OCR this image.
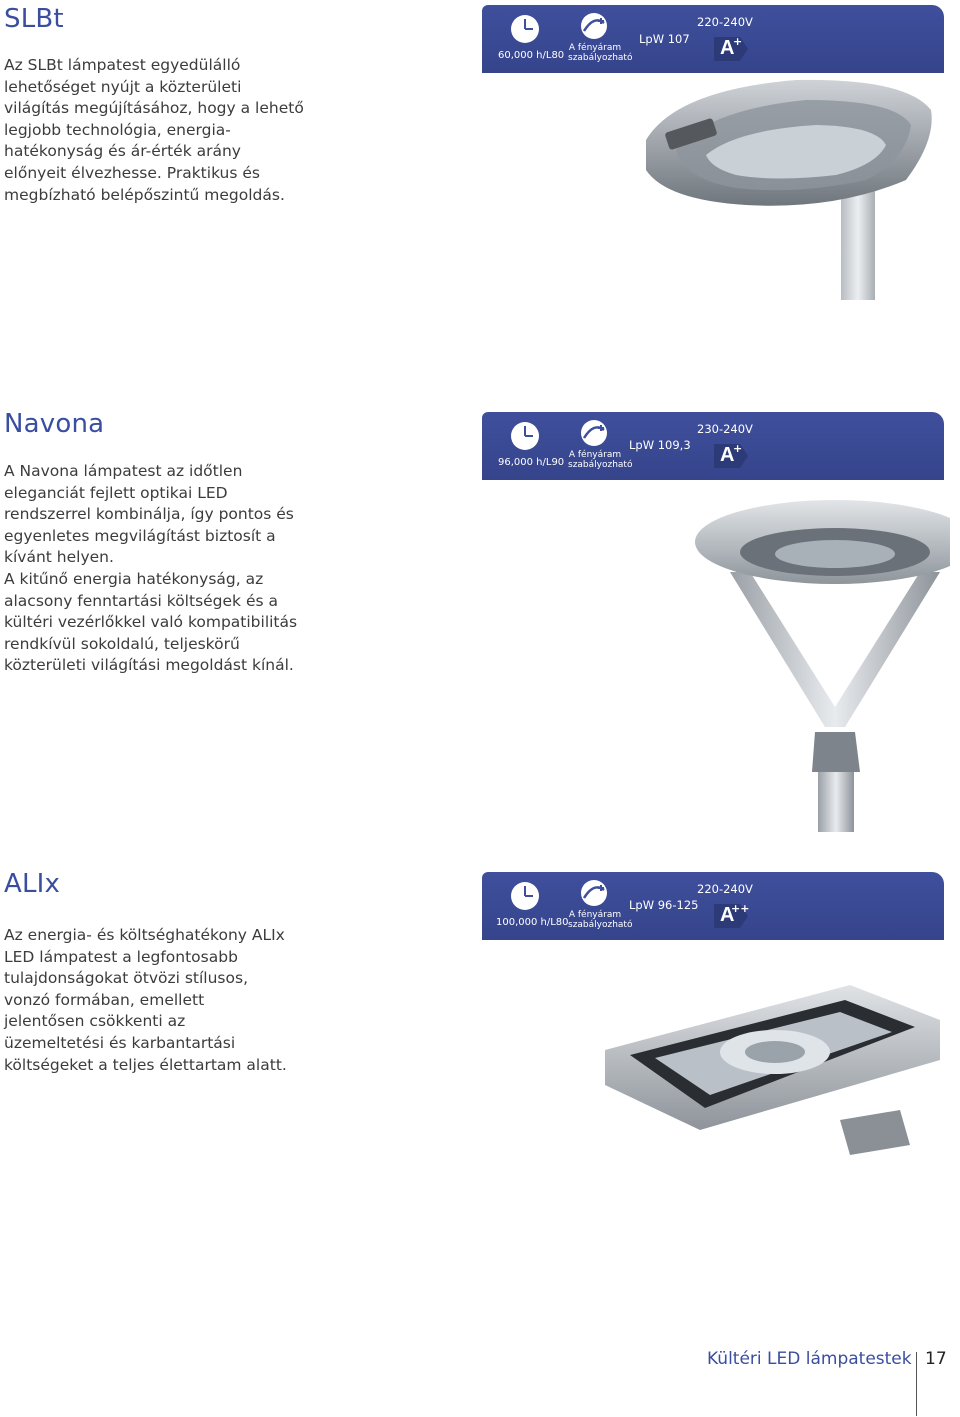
SLBt

Az SLBt lámpatest egyedülálló lehetőséget nyújt a közterületi világítás megújításához, hogy a lehető legjobb technológia, energia-hatékonyság és ár-érték arány előnyeit élvezhesse. Praktikus és megbízható belépőszintű megoldás.

60,000 h/L80
A fényáram
szabályozható
LpW 107
220-240V
A
+
Navona

A Navona lámpatest az időtlen eleganciát fejlett optikai LED rendszerrel kombinálja, így pontos és egyenletes megvilágítást biztosít a kívánt helyen.

A kitűnő energia hatékonyság, az alacsony fenntartási költségek és a kültéri vezérlőkkel való kompatibilitás rendkívül sokoldalú, teljeskörű közterületi világítási megoldást kínál.

96,000 h/L90
A fényáram
szabályozható
LpW 109,3
230-240V
A
+
ALIx

Az energia- és költséghatékony ALIx LED lámpatest a legfontosabb tulajdonságokat ötvözi stílusos, vonzó formában, emellett jelentősen csökkenti az üzemeltetési és karbantartási költségeket a teljes élettartam alatt.

100,000 h/L80
A fényáram
szabályozható
LpW 96-125
220-240V
A
++
Kültéri LED lámpatestek 17
